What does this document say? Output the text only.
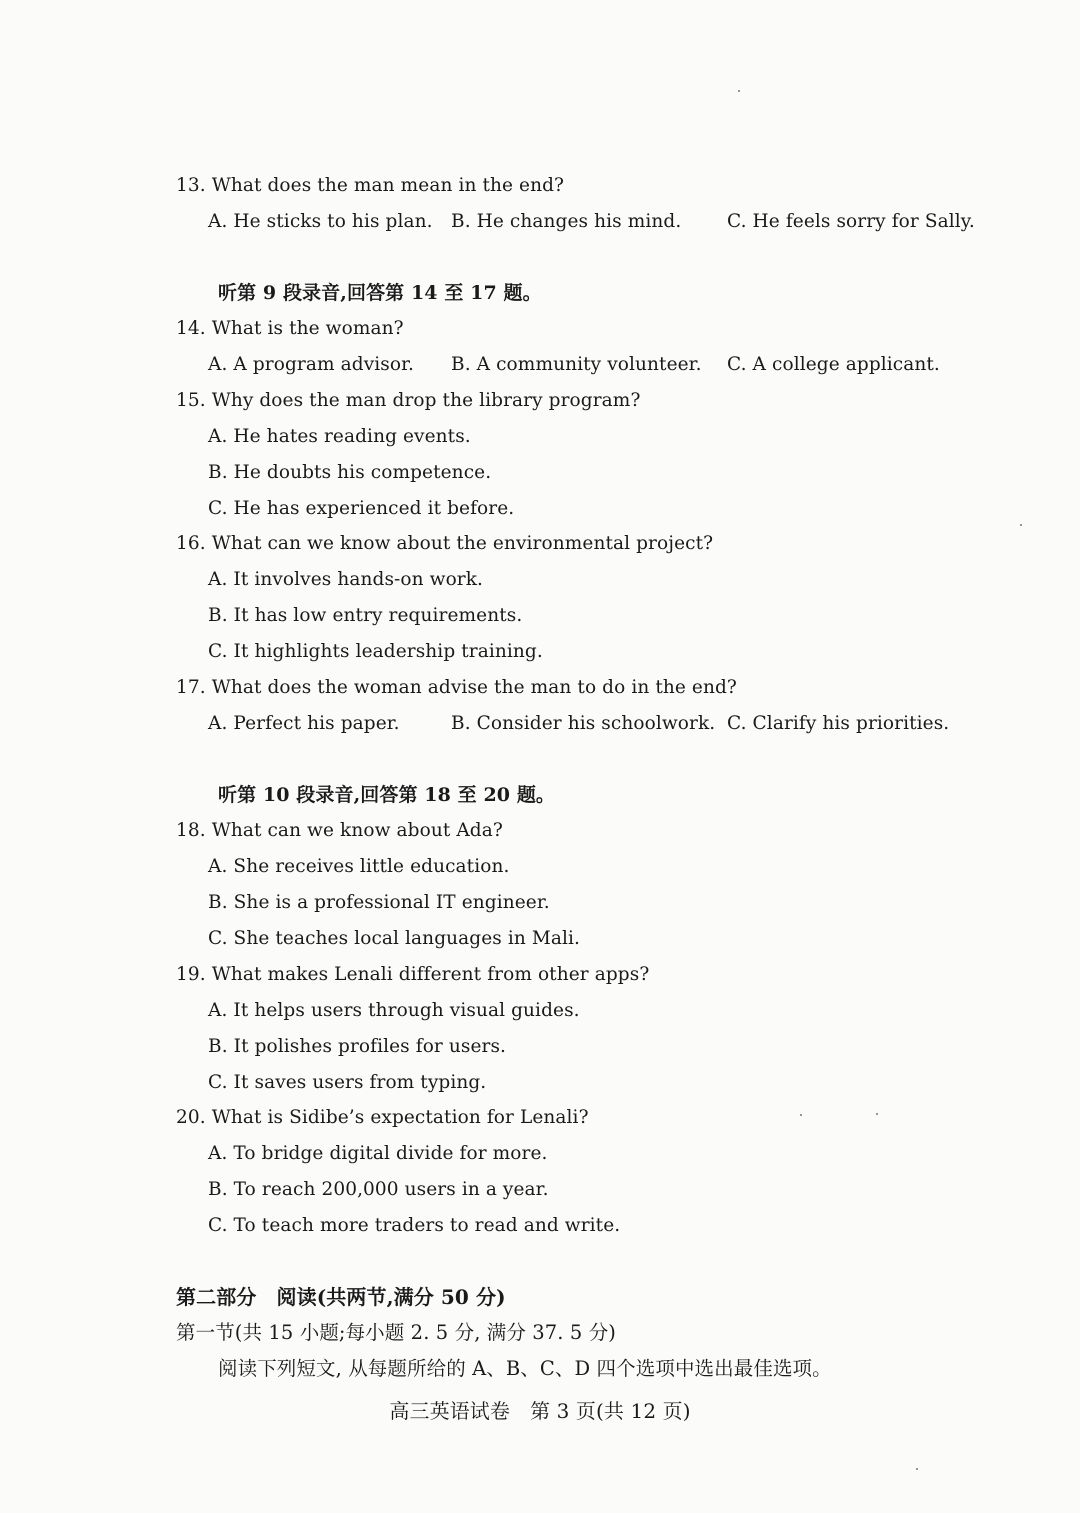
13. What does the man mean in the end?
A. He sticks to his plan. B. He changes his mind. C. He feels sorry for Sally.
听第 9 段录音,回答第 14 至 17 题。
14. What is the woman?
A. A program advisor. B. A community volunteer. C. A college applicant.
15. Why does the man drop the library program?
A. He hates reading events.
B. He doubts his competence.
C. He has experienced it before.
16. What can we know about the environmental project?
A. It involves hands-on work.
B. It has low entry requirements.
C. It highlights leadership training.
17. What does the woman advise the man to do in the end?
A. Perfect his paper.	B. Consider his schoolwork. C. Clarify his priorities.
听第 10 段录音,回答第 18 至 20 题。
18. What can we know about Ada?
A. She receives little education.
B. She is a professional IT engineer.
C. She teaches local languages in Mali.
19. What makes Lenali different from other apps?
A. It helps users through visual guides.
B. It polishes profiles for users.
C. It saves users from typing.
20. What is Sidibe’s expectation for Lenali?
A. To bridge digital divide for more.
B. To reach 200,000 users in a year.
C. To teach more traders to read and write.
第二部分　阅读(共两节,满分 50 分)
第一节(共 15 小题;每小题 2. 5 分, 满分 37. 5 分)
阅读下列短文, 从每题所给的 A、B、C、D 四个选项中选出最佳选项。
高三英语试卷　第 3 页(共 12 页)
